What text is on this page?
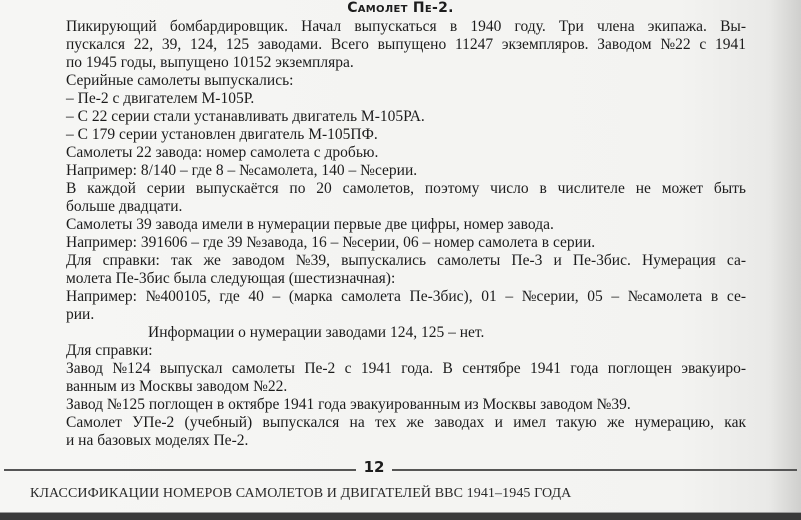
Самолет Пе-2.
Пикирующий бомбардировщик. Начал выпускаться в 1940 году. Три члена экипажа. Вы-
пускался 22, 39, 124, 125 заводами. Всего выпущено 11247 экземпляров. Заводом №22 с 1941
по 1945 годы, выпущено 10152 экземпляра.
Серийные самолеты выпускались:
– Пе-2 с двигателем М-105Р.
– С 22 серии стали устанавливать двигатель М-105РА.
– С 179 серии установлен двигатель М-105ПФ.
Самолеты 22 завода: номер самолета с дробью.
Например: 8/140 – где 8 – №самолета, 140 – №серии.
В каждой серии выпускаётся по 20 самолетов, поэтому число в числителе не может быть
больше двадцати.
Самолеты 39 завода имели в нумерации первые две цифры, номер завода.
Например: 391606 – где 39 №завода, 16 – №серии, 06 – номер самолета в серии.
Для справки: так же заводом №39, выпускались самолеты Пе-3 и Пе-3бис. Нумерация са-
молета Пе-3бис была следующая (шестизначная):
Например: №400105, где 40 – (марка самолета Пе-3бис), 01 – №серии, 05 – №самолета в се-
рии.
Информации о нумерации заводами 124, 125 – нет.
Для справки:
Завод №124 выпускал самолеты Пе-2 с 1941 года. В сентябре 1941 года поглощен эвакуиро-
ванным из Москвы заводом №22.
Завод №125 поглощен в октябре 1941 года эвакуированным из Москвы заводом №39.
Самолет УПе-2 (учебный) выпускался на тех же заводах и имел такую же нумерацию, как
и на базовых моделях Пе-2.
12
КЛАССИФИКАЦИИ НОМЕРОВ САМОЛЕТОВ И ДВИГАТЕЛЕЙ ВВС 1941–1945 ГОДА
